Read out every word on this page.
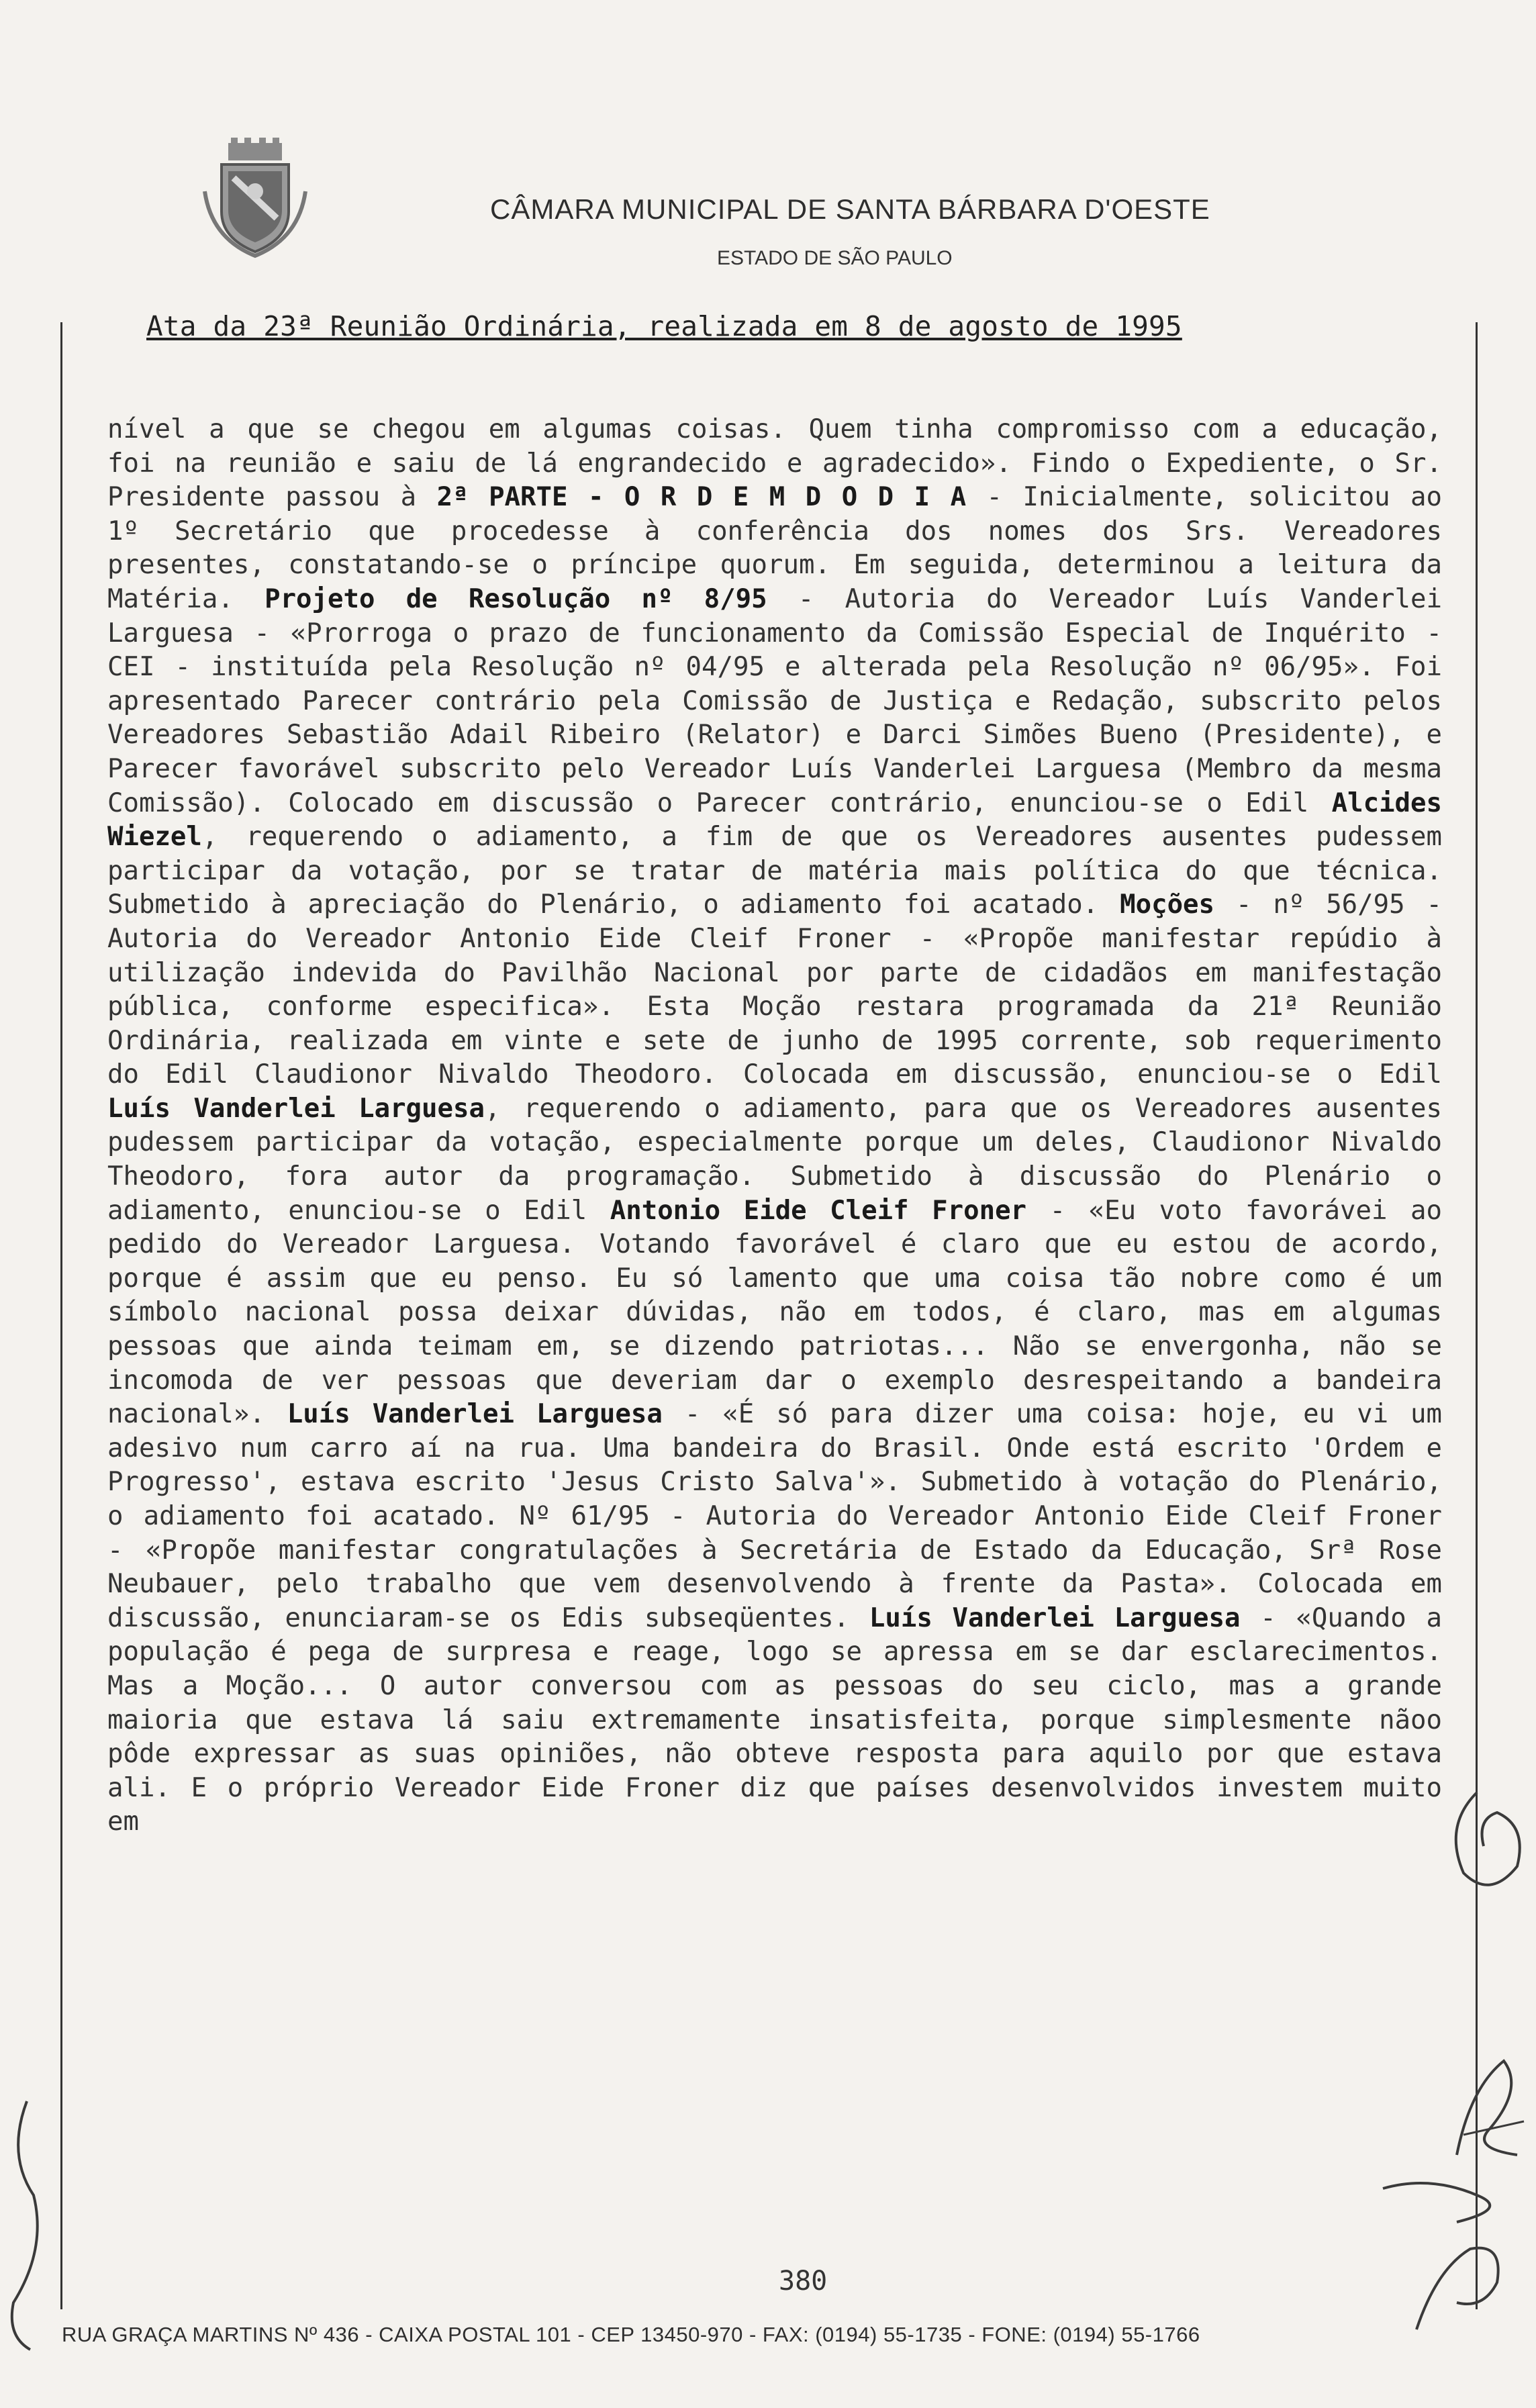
CÂMARA MUNICIPAL DE SANTA BÁRBARA D'OESTE
ESTADO DE SÃO PAULO
Ata da 23ª Reunião Ordinária, realizada em 8 de agosto de 1995
nível a que se chegou em algumas coisas. Quem tinha compromisso com a educação, foi na reunião e saiu de lá engrandecido e agradecido». Findo o Expediente, o Sr. Presidente passou à 2ª PARTE - O R D E M D O D I A - Inicialmente, solicitou ao 1º Secretário que procedesse à conferência dos nomes dos Srs. Vereadores presentes, constatando-se o príncipe quorum. Em seguida, determinou a leitura da Matéria. Projeto de Resolução nº 8/95 - Autoria do Vereador Luís Vanderlei Larguesa - «Prorroga o prazo de funcionamento da Comissão Especial de Inquérito - CEI - instituída pela Resolução nº 04/95 e alterada pela Resolução nº 06/95». Foi apresentado Parecer contrário pela Comissão de Justiça e Redação, subscrito pelos Vereadores Sebastião Adail Ribeiro (Relator) e Darci Simões Bueno (Presidente), e Parecer favorável subscrito pelo Vereador Luís Vanderlei Larguesa (Membro da mesma Comissão). Colocado em discussão o Parecer contrário, enunciou-se o Edil Alcides Wiezel, requerendo o adiamento, a fim de que os Vereadores ausentes pudessem participar da votação, por se tratar de matéria mais política do que técnica. Submetido à apreciação do Plenário, o adiamento foi acatado. Moções - nº 56/95 - Autoria do Vereador Antonio Eide Cleif Froner - «Propõe manifestar repúdio à utilização indevida do Pavilhão Nacional por parte de cidadãos em manifestação pública, conforme especifica». Esta Moção restara programada da 21ª Reunião Ordinária, realizada em vinte e sete de junho de 1995 corrente, sob requerimento do Edil Claudionor Nivaldo Theodoro. Colocada em discussão, enunciou-se o Edil Luís Vanderlei Larguesa, requerendo o adiamento, para que os Vereadores ausentes pudessem participar da votação, especialmente porque um deles, Claudionor Nivaldo Theodoro, fora autor da programação. Submetido à discussão do Plenário o adiamento, enunciou-se o Edil Antonio Eide Cleif Froner - «Eu voto favorávei ao pedido do Vereador Larguesa. Votando favorável é claro que eu estou de acordo, porque é assim que eu penso. Eu só lamento que uma coisa tão nobre como é um símbolo nacional possa deixar dúvidas, não em todos, é claro, mas em algumas pessoas que ainda teimam em, se dizendo patriotas... Não se envergonha, não se incomoda de ver pessoas que deveriam dar o exemplo desrespeitando a bandeira nacional». Luís Vanderlei Larguesa - «É só para dizer uma coisa: hoje, eu vi um adesivo num carro aí na rua. Uma bandeira do Brasil. Onde está escrito 'Ordem e Progresso', estava escrito 'Jesus Cristo Salva'». Submetido à votação do Plenário, o adiamento foi acatado. Nº 61/95 - Autoria do Vereador Antonio Eide Cleif Froner - «Propõe manifestar congratulações à Secretária de Estado da Educação, Srª Rose Neubauer, pelo trabalho que vem desenvolvendo à frente da Pasta». Colocada em discussão, enunciaram-se os Edis subseqüentes. Luís Vanderlei Larguesa - «Quando a população é pega de surpresa e reage, logo se apressa em se dar esclarecimentos. Mas a Moção... O autor conversou com as pessoas do seu ciclo, mas a grande maioria que estava lá saiu extremamente insatisfeita, porque simplesmente nãoo pôde expressar as suas opiniões, não obteve resposta para aquilo por que estava ali. E o próprio Vereador Eide Froner diz que países desenvolvidos investem muito em
380
RUA GRAÇA MARTINS Nº 436 - CAIXA POSTAL 101 - CEP 13450-970 - FAX: (0194) 55-1735 - FONE: (0194) 55-1766
